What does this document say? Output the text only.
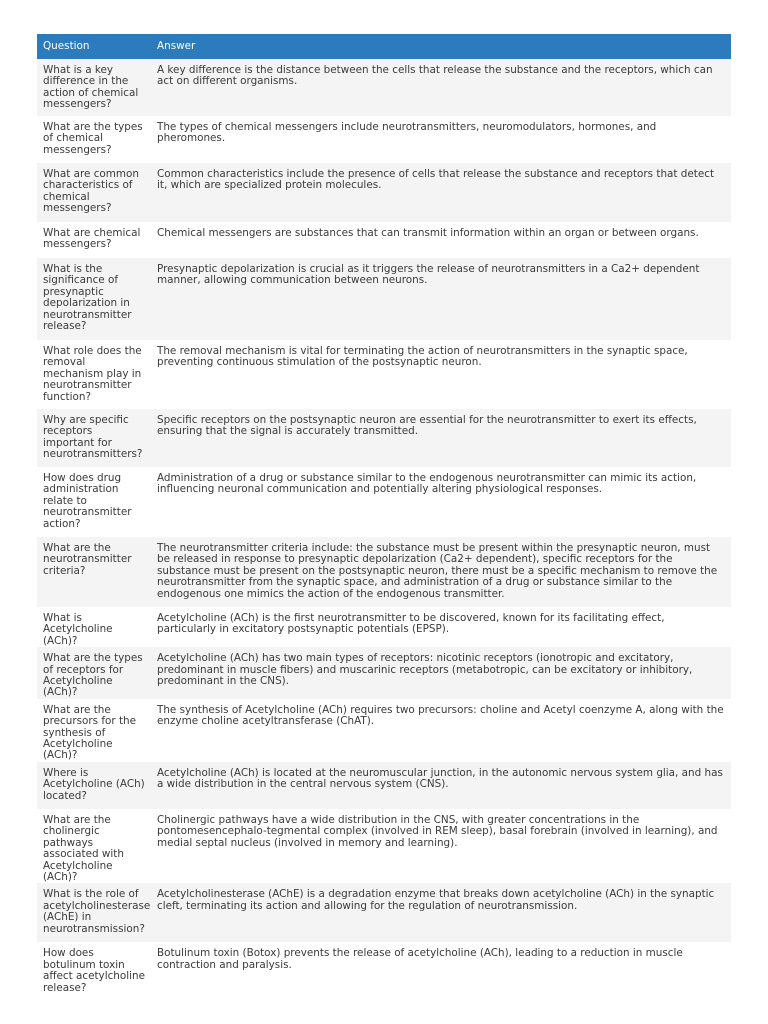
Question	Answer
What is a key difference in the action of chemical messengers?	A key difference is the distance between the cells that release the substance and the receptors, which can act on different organisms.
What are the types of chemical messengers?	The types of chemical messengers include neurotransmitters, neuromodulators, hormones, and pheromones.
What are common characteristics of chemical messengers?	Common characteristics include the presence of cells that release the substance and receptors that detect it, which are specialized protein molecules.
What are chemical messengers?	Chemical messengers are substances that can transmit information within an organ or between organs.
What is the significance of presynaptic depolarization in neurotransmitter release?	Presynaptic depolarization is crucial as it triggers the release of neurotransmitters in a Ca2+ dependent manner, allowing communication between neurons.
What role does the removal mechanism play in neurotransmitter function?	The removal mechanism is vital for terminating the action of neurotransmitters in the synaptic space, preventing continuous stimulation of the postsynaptic neuron.
Why are specific receptors important for neurotransmitters?	Specific receptors on the postsynaptic neuron are essential for the neurotransmitter to exert its effects, ensuring that the signal is accurately transmitted.
How does drug administration relate to neurotransmitter action?	Administration of a drug or substance similar to the endogenous neurotransmitter can mimic its action, influencing neuronal communication and potentially altering physiological responses.
What are the neurotransmitter criteria?	The neurotransmitter criteria include: the substance must be present within the presynaptic neuron, must be released in response to presynaptic depolarization (Ca2+ dependent), specific receptors for the substance must be present on the postsynaptic neuron, there must be a specific mechanism to remove the neurotransmitter from the synaptic space, and administration of a drug or substance similar to the endogenous one mimics the action of the endogenous transmitter.
What is Acetylcholine (ACh)?	Acetylcholine (ACh) is the first neurotransmitter to be discovered, known for its facilitating effect, particularly in excitatory postsynaptic potentials (EPSP).
What are the types of receptors for Acetylcholine (ACh)?	Acetylcholine (ACh) has two main types of receptors: nicotinic receptors (ionotropic and excitatory, predominant in muscle fibers) and muscarinic receptors (metabotropic, can be excitatory or inhibitory, predominant in the CNS).
What are the precursors for the synthesis of Acetylcholine (ACh)?	The synthesis of Acetylcholine (ACh) requires two precursors: choline and Acetyl coenzyme A, along with the enzyme choline acetyltransferase (ChAT).
Where is Acetylcholine (ACh) located?	Acetylcholine (ACh) is located at the neuromuscular junction, in the autonomic nervous system glia, and has a wide distribution in the central nervous system (CNS).
What are the cholinergic pathways associated with Acetylcholine (ACh)?	Cholinergic pathways have a wide distribution in the CNS, with greater concentrations in the pontomesencephalo-tegmental complex (involved in REM sleep), basal forebrain (involved in learning), and medial septal nucleus (involved in memory and learning).
What is the role of acetylcholinesterase (AChE) in neurotransmission?	Acetylcholinesterase (AChE) is a degradation enzyme that breaks down acetylcholine (ACh) in the synaptic cleft, terminating its action and allowing for the regulation of neurotransmission.
How does botulinum toxin affect acetylcholine release?	Botulinum toxin (Botox) prevents the release of acetylcholine (ACh), leading to a reduction in muscle contraction and paralysis.
